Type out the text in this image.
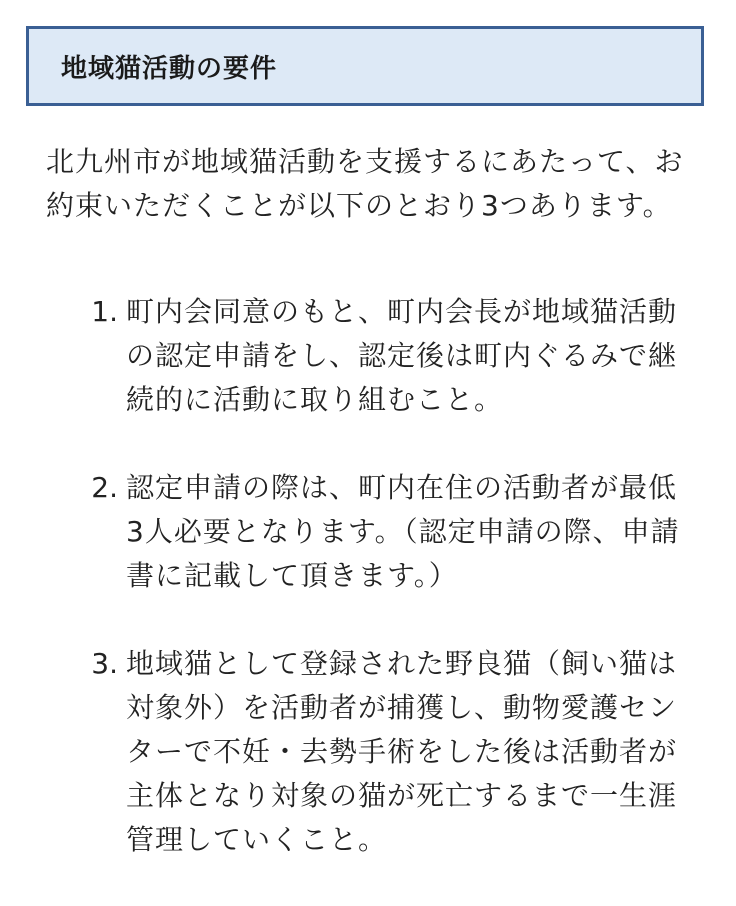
地域猫活動の要件

北九州市が地域猫活動を支援するにあたって、お約束いただくことが以下のとおり3つあります。

1. 町内会同意のもと、町内会長が地域猫活動の認定申請をし、認定後は町内ぐるみで継続的に活動に取り組むこと。
2. 認定申請の際は、町内在住の活動者が最低3人必要となります。（認定申請の際、申請書に記載して頂きます。）
3. 地域猫として登録された野良猫（飼い猫は対象外）を活動者が捕獲し、動物愛護センターで不妊・去勢手術をした後は活動者が主体となり対象の猫が死亡するまで一生涯管理していくこと。
